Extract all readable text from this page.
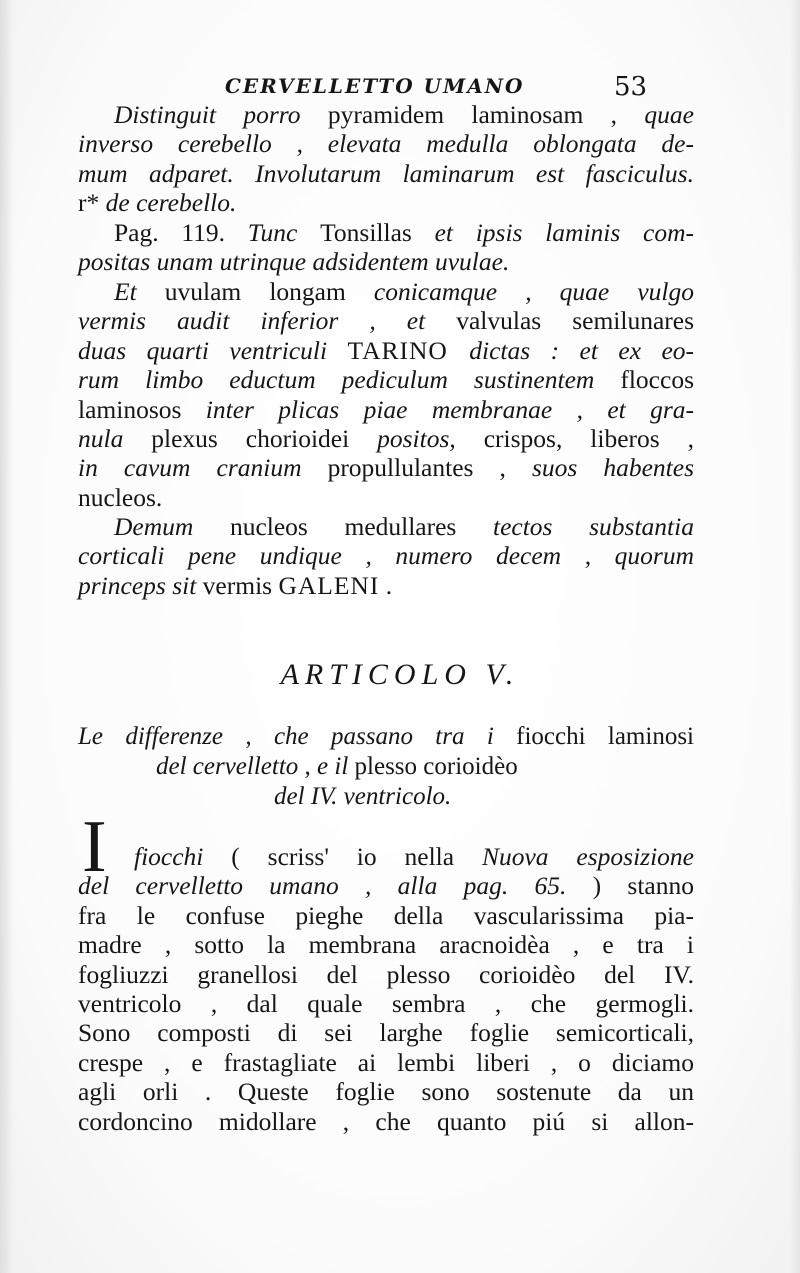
CERVELLETTO UMANO	53
Distinguit porro pyramidem laminosam , quae
inverso cerebello , elevata medulla oblongata de-
mum adparet. Involutarum laminarum est fasciculus.
r* de cerebello.
Pag. 119. Tunc Tonsillas et ipsis laminis com-
positas unam utrinque adsidentem uvulae.
Et uvulam longam conicamque , quae vulgo
vermis audit inferior , et valvulas semilunares
duas quarti ventriculi TARINO dictas : et ex eo-
rum limbo eductum pediculum sustinentem floccos
laminosos inter plicas piae membranae , et gra-
nula plexus chorioidei positos, crispos, liberos ,
in cavum cranium propullulantes , suos habentes
nucleos.
Demum nucleos medullares tectos substantia
corticali pene undique , numero decem , quorum
princeps sit vermis GALENI .
ARTICOLO V.
Le differenze , che passano tra i fiocchi laminosi
del cervelletto , e il plesso corioidèo
del IV. ventricolo.
I	fiocchi ( scriss' io nella Nuova esposizione
del cervelletto umano , alla pag. 65. ) stanno
fra le confuse pieghe della vascularissima pia-
madre , sotto la membrana aracnoidèa , e tra i
fogliuzzi granellosi del plesso corioidèo del IV.
ventricolo , dal quale sembra , che germogli.
Sono composti di sei larghe foglie semicorticali,
crespe , e frastagliate ai lembi liberi , o diciamo
agli orli . Queste foglie sono sostenute da un
cordoncino midollare , che quanto piú si allon-
